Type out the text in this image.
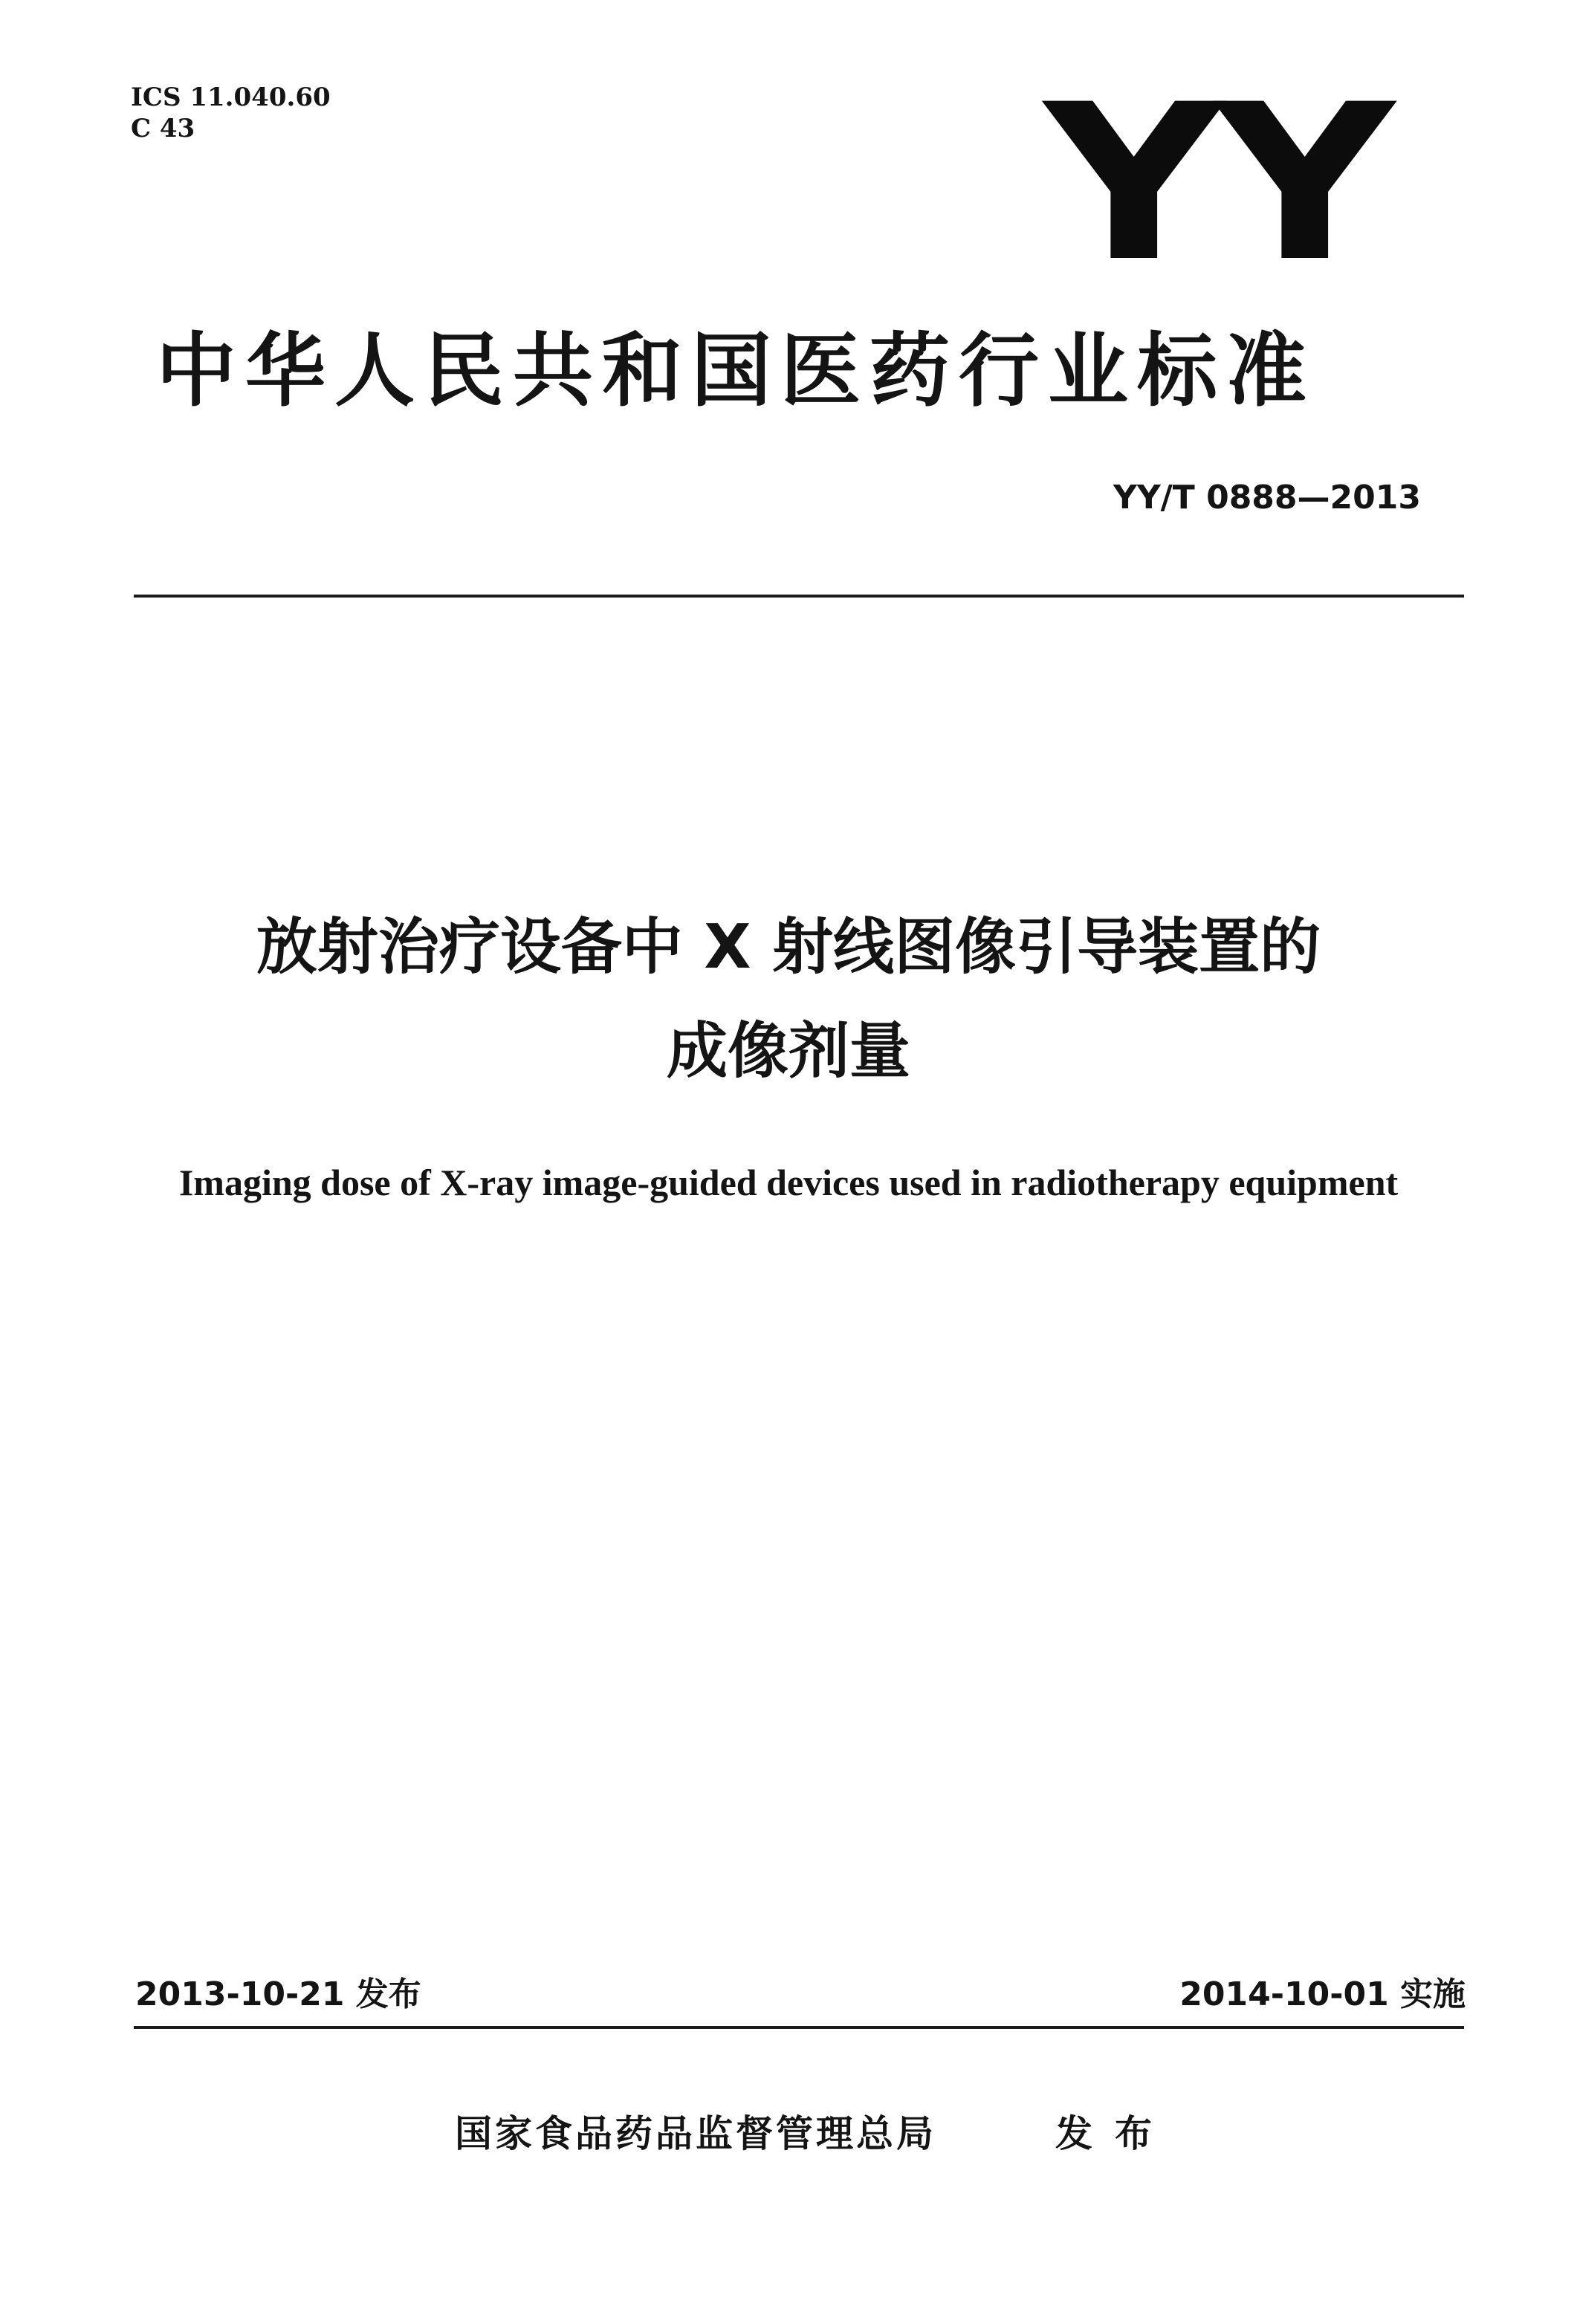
ICS 11.040.60
C 43	YY
中华人民共和国医药行业标准
YY/T 0888—2013
放射治疗设备中 X 射线图像引导装置的
成像剂量
Imaging dose of X-ray image-guided devices used in radiotherapy equipment
2013-10-21 发布	2014-10-01 实施
国家食品药品监督管理总局	发布
